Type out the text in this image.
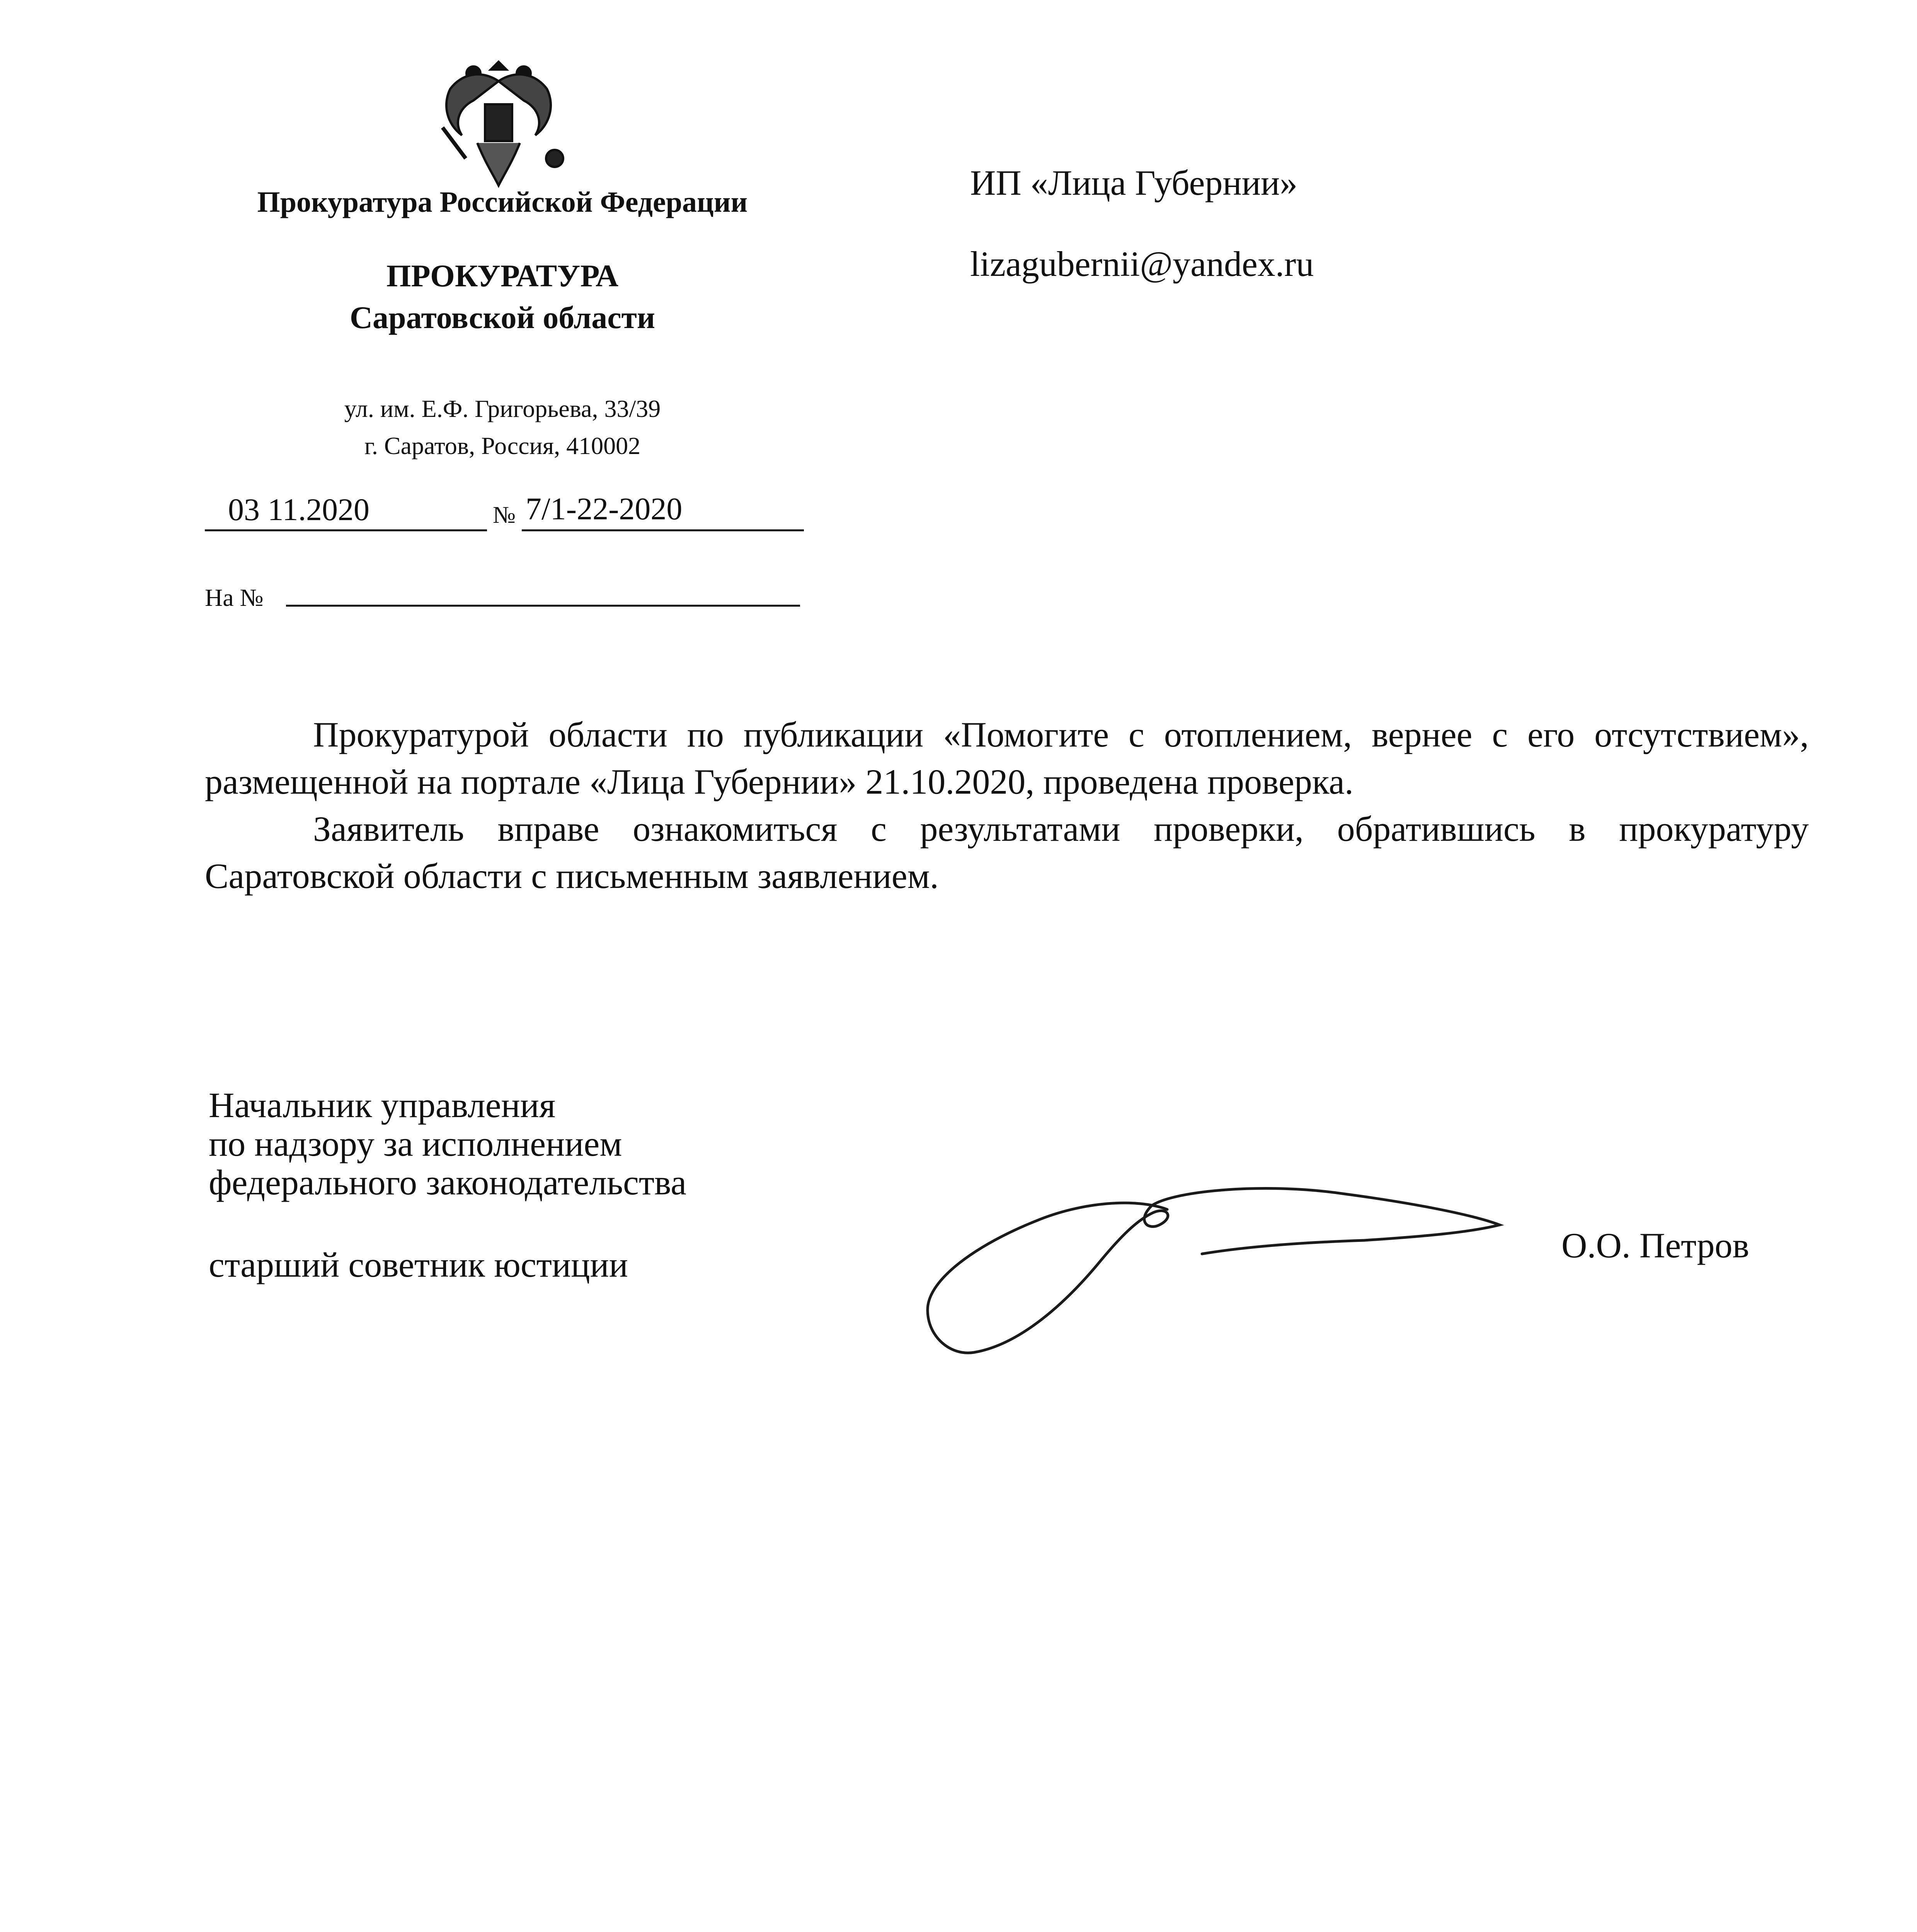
Прокуратура Российской Федерации
ПРОКУРАТУРА
Саратовской области
ул. им. Е.Ф. Григорьева, 33/39
г. Саратов, Россия, 410002
03 11.2020	№ 7/1-22-2020
На №
ИП «Лица Губернии»
lizagubernii@yandex.ru

Прокуратурой области по публикации «Помогите с отоплением, вернее с его отсутствием», размещенной на портале «Лица Губернии» 21.10.2020, проведена проверка.

Заявитель вправе ознакомиться с результатами проверки, обратившись в прокуратуру Саратовской области с письменным заявлением.

Начальник управления
по надзору за исполнением
федерального законодательства
старший советник юстиции	О.О. Петров
